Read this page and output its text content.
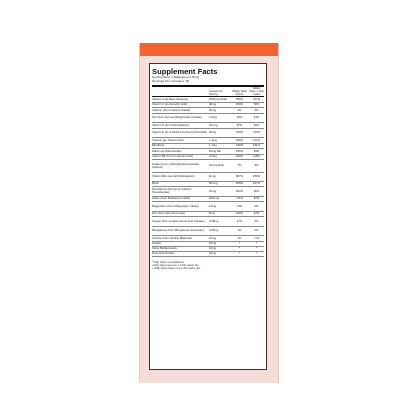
Supplement Facts
Serving Size: 1 Tablespoon (15ml)
Servings Per Container: 30
Amount Per Serving
%Daily Value 4.5yrs+
%Daily Value 1 Year Apart
Vitamin A (as Beta Carotene)	1500mcg RAE	500%	167%
Vitamin C (as Ascorbic Acid)	40mg	200%	50%
Calcium (from Calcium Citrate)	20mg	3%	2%
Iron (from Ferrous Bisglycinate Chelate)	2.5mg	36%	14%
Vitamin D (as Cholecalciferol)	10mcg	67%	50%
Vitamin E (as d-Alpha Tocopheryl Succinate) 20mg	333%	133%
Thiamin (as Thiamin HCl)	1.4mg	280%	117%
Riboflavin	1.7mg	340%	131%
Niacin (as Niacinamide)	15mg NE	250%	94%
Vitamin B6 (from Pyridoxine HCl)	2.0mg	400%	118%
Folate (From L-Methylfolate/Iodofolate Calcium)	10mcg DFE	7%	3%
Vitamin B12 (as Methylcobalamin)	6mcg	667%	250%
Biotin	50mcg	625%	167%
Pantothenic Acid (as D-Calcium Pantothenate)	10mg	200%	80%
Iodine (from Potassium Iodide)	100mcg	111%	67%
Magnesium (from Magnesium Citrate)	10mg	13%	2%
Zinc (from Zinc Gluconate)	5mg	100%	27%
Copper (from Copper Amino Acid Chelate)	0.05mg	17%	6%
Manganese (from Manganese Gluconate)	0.05mg	4%	2%
Choline (from Choline Bitartrate)	10mg	1%	<1%
Inositol	10mg	*	*
Citrus Bioflavonoids	10mg	*	*
Rose Hips Extract	10mg	*	*
* Daily Value not established.
+Daily Value based on a 2,000 calorie diet.
++Daily Value based on a 1,000 calorie diet.
